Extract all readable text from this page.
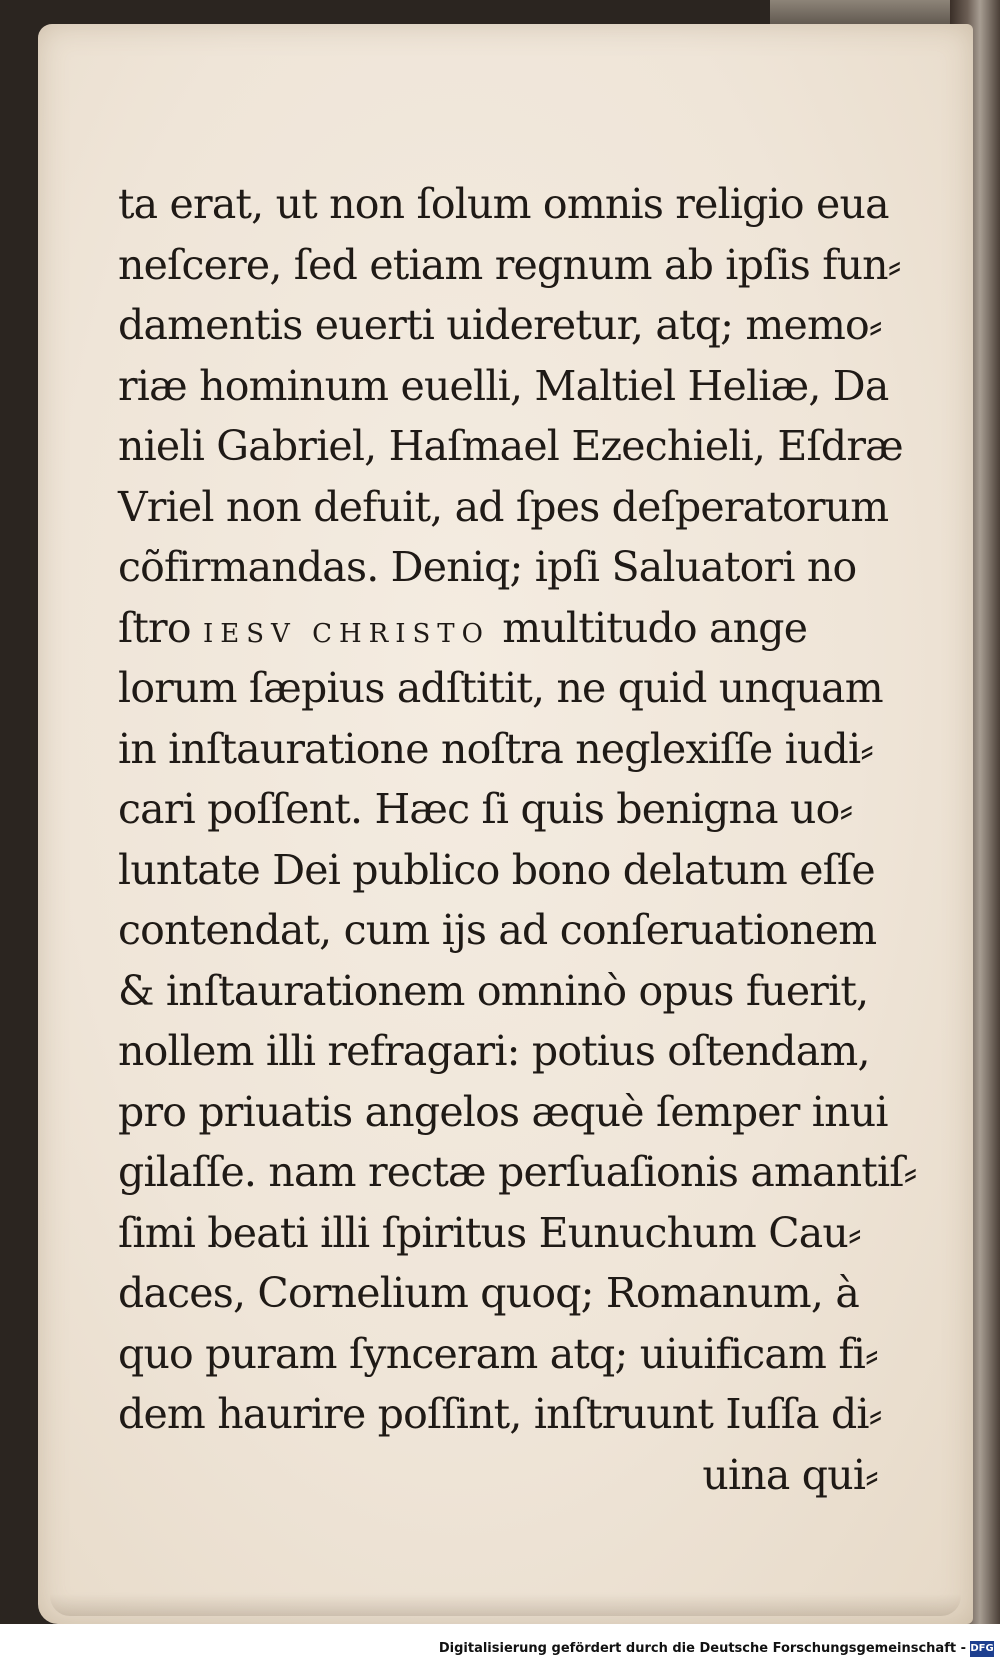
ta erat, ut non ſolum omnis religio eua
neſcere, ſed etiam regnum ab ipſis fun⸗
damentis euerti uideretur, atq; memo⸗
riæ hominum euelli, Maltiel Heliæ, Da
nieli Gabriel, Haſmael Ezechieli, Eſdræ
Vriel non defuit, ad ſpes deſperatorum
cõfirmandas. Deniq; ipſi Saluatori no
ſtro IESV CHRISTO multitudo ange
lorum ſæpius adſtitit, ne quid unquam
in inſtauratione noſtra neglexiſſe iudi⸗
cari poſſent. Hæc ſi quis benigna uo⸗
luntate Dei publico bono delatum eſſe
contendat, cum ijs ad conſeruationem
& inſtaurationem omninò opus fuerit,
nollem illi refragari: potius oſtendam,
pro priuatis angelos æquè ſemper inui
gilaſſe. nam rectæ perſuaſionis amantiſ⸗
ſimi beati illi ſpiritus Eunuchum Cau⸗
daces, Cornelium quoq; Romanum, à
quo puram ſynceram atq; uiuificam fi⸗
dem haurire poſſint, inſtruunt Iuſſa di⸗
uina qui⸗
Digitalisierung gefördert durch die Deutsche Forschungsgemeinschaft - DFG
